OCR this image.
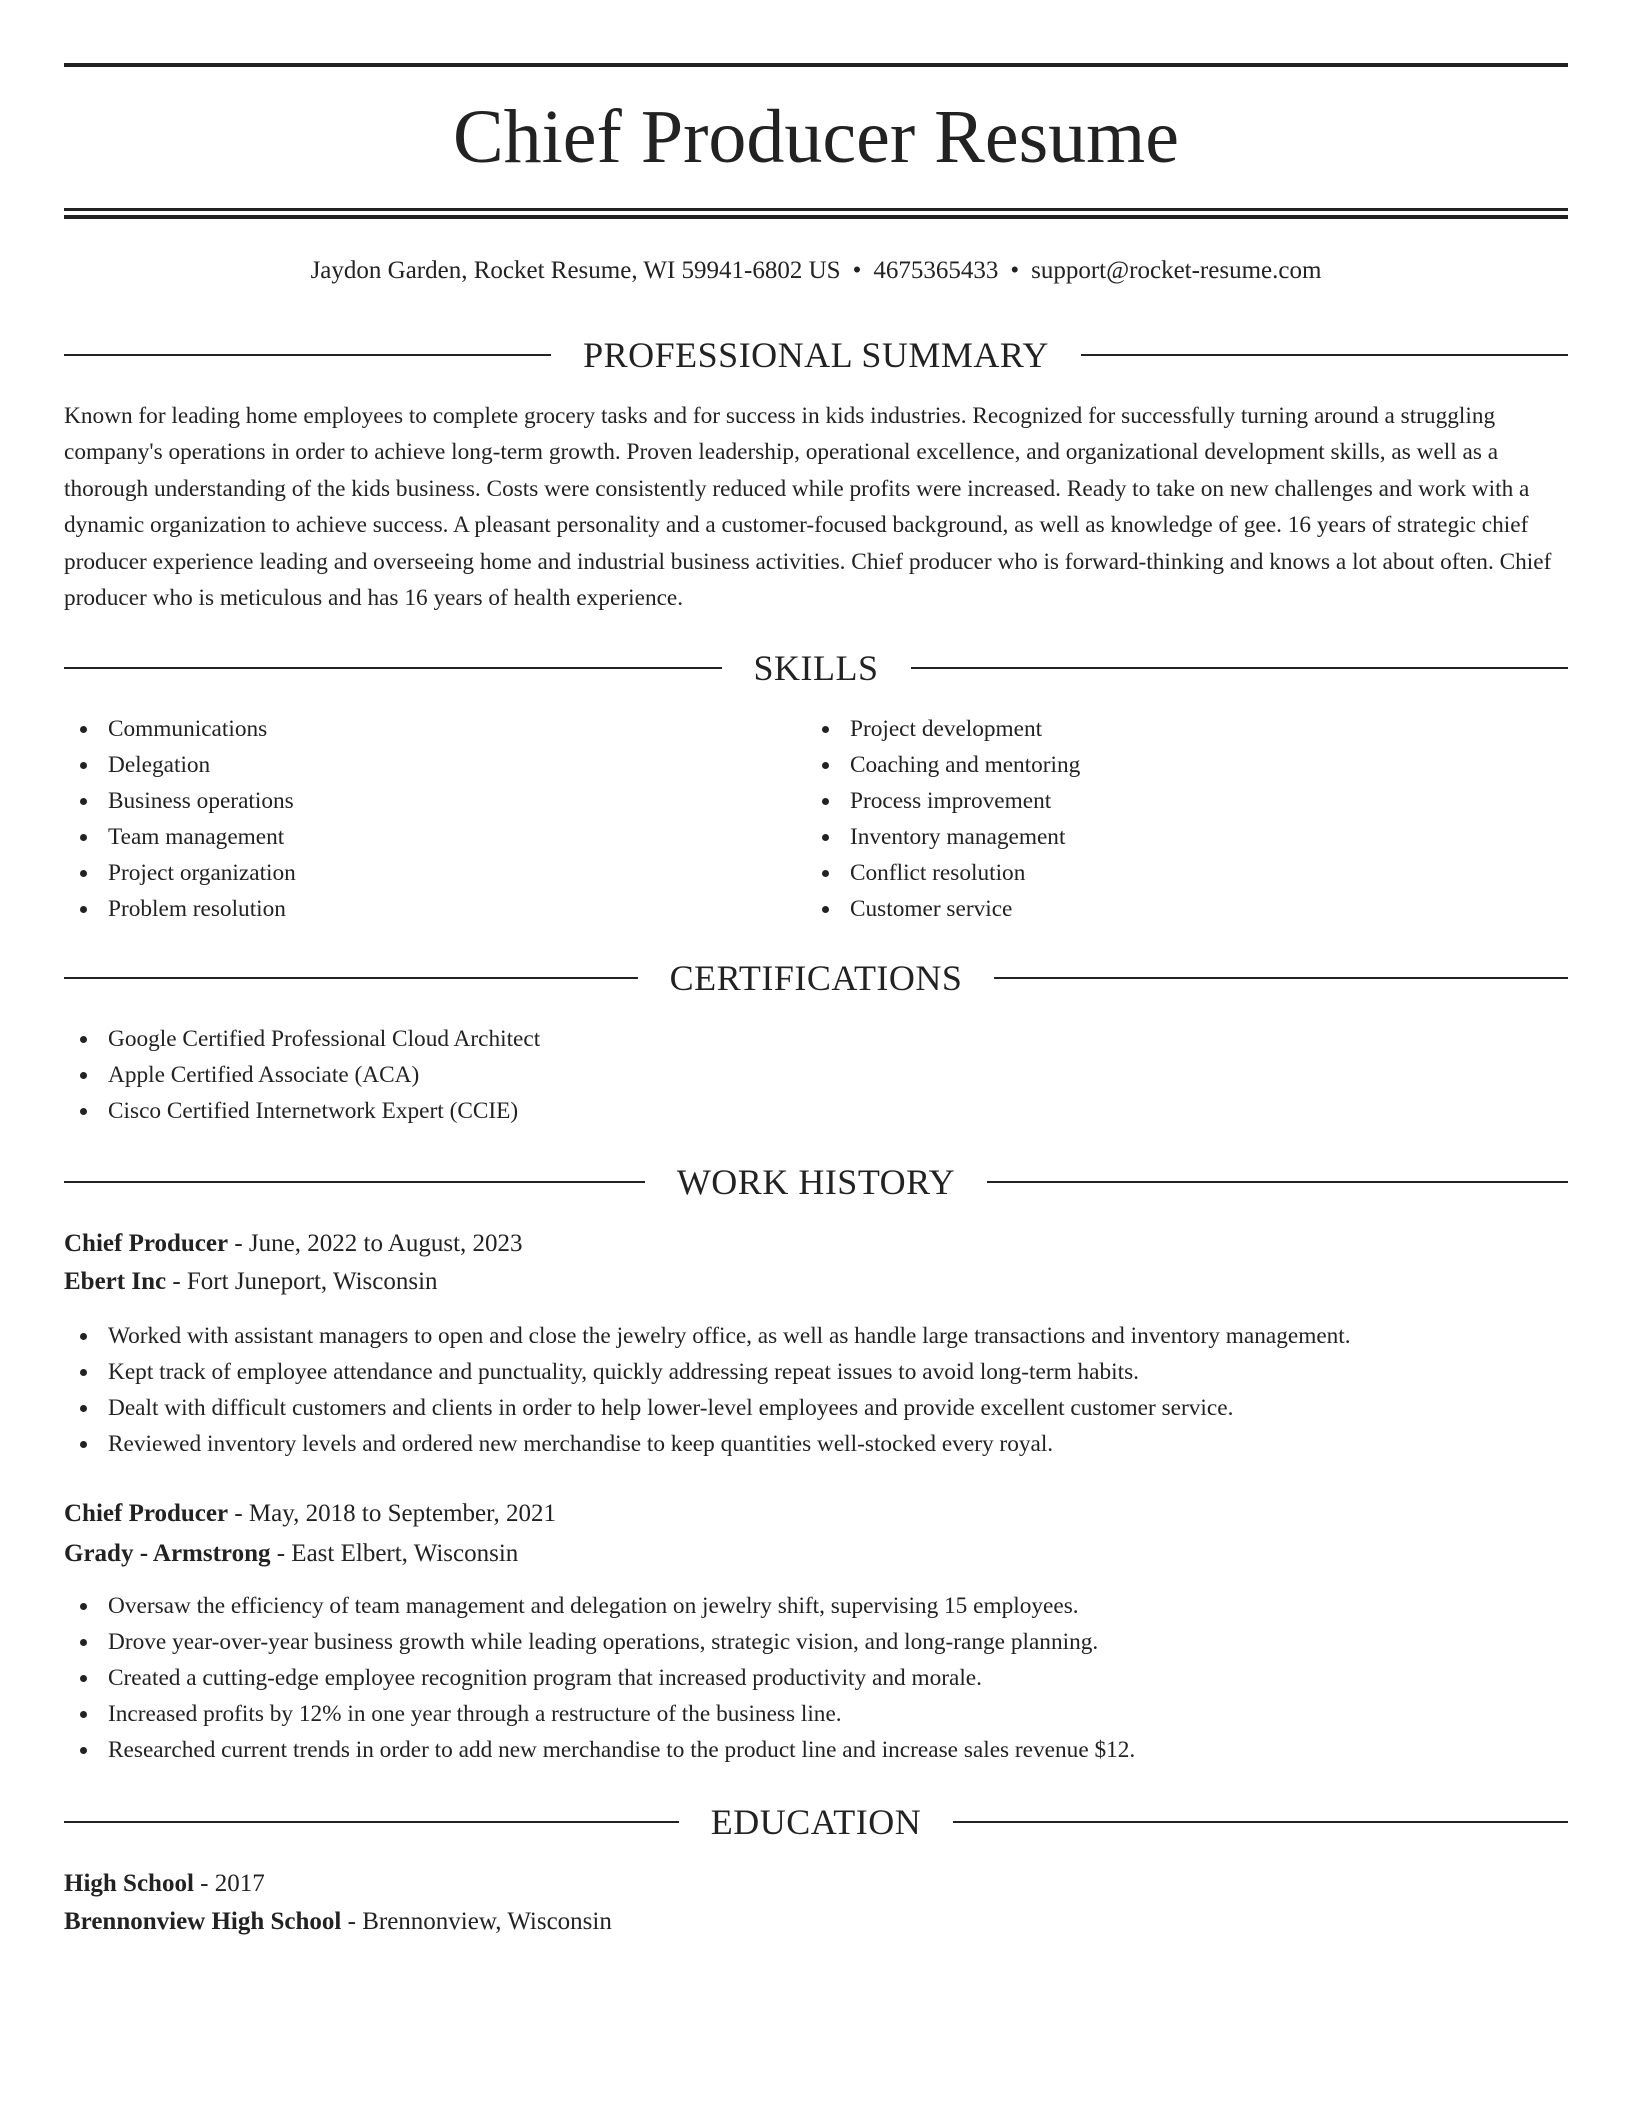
Chief Producer Resume
Jaydon Garden, Rocket Resume, WI 59941-6802 US • 4675365433 • support@rocket-resume.com
PROFESSIONAL SUMMARY

Known for leading home employees to complete grocery tasks and for success in kids industries. Recognized for successfully turning around a struggling company's operations in order to achieve long-term growth. Proven leadership, operational excellence, and organizational development skills, as well as a thorough understanding of the kids business. Costs were consistently reduced while profits were increased. Ready to take on new challenges and work with a dynamic organization to achieve success. A pleasant personality and a customer-focused background, as well as knowledge of gee. 16 years of strategic chief producer experience leading and overseeing home and industrial business activities. Chief producer who is forward-thinking and knows a lot about often. Chief producer who is meticulous and has 16 years of health experience.

SKILLS
Communications
Delegation
Business operations
Team management
Project organization
Problem resolution
Project development
Coaching and mentoring
Process improvement
Inventory management
Conflict resolution
Customer service
CERTIFICATIONS
Google Certified Professional Cloud Architect
Apple Certified Associate (ACA)
Cisco Certified Internetwork Expert (CCIE)
WORK HISTORY
Chief Producer - June, 2022 to August, 2023
Ebert Inc - Fort Juneport, Wisconsin
Worked with assistant managers to open and close the jewelry office, as well as handle large transactions and inventory management.
Kept track of employee attendance and punctuality, quickly addressing repeat issues to avoid long-term habits.
Dealt with difficult customers and clients in order to help lower-level employees and provide excellent customer service.
Reviewed inventory levels and ordered new merchandise to keep quantities well-stocked every royal.
Chief Producer - May, 2018 to September, 2021
Grady - Armstrong - East Elbert, Wisconsin
Oversaw the efficiency of team management and delegation on jewelry shift, supervising 15 employees.
Drove year-over-year business growth while leading operations, strategic vision, and long-range planning.
Created a cutting-edge employee recognition program that increased productivity and morale.
Increased profits by 12% in one year through a restructure of the business line.
Researched current trends in order to add new merchandise to the product line and increase sales revenue $12.
EDUCATION
High School - 2017
Brennonview High School - Brennonview, Wisconsin
